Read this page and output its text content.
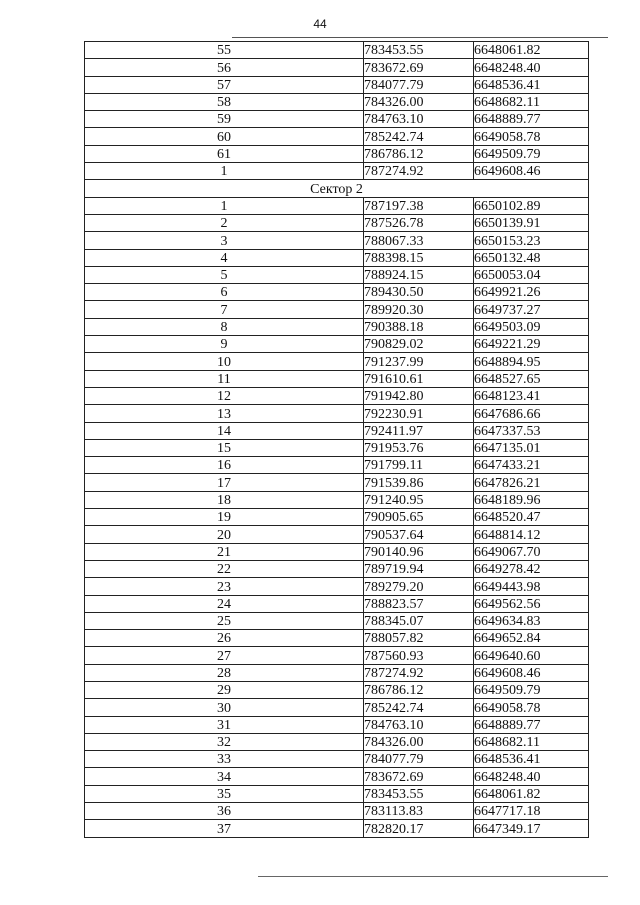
44
55	783453.55	6648061.82
56	783672.69	6648248.40
57	784077.79	6648536.41
58	784326.00	6648682.11
59	784763.10	6648889.77
60	785242.74	6649058.78
61	786786.12	6649509.79
1	787274.92	6649608.46
Сектор 2		
1	787197.38	6650102.89
2	787526.78	6650139.91
3	788067.33	6650153.23
4	788398.15	6650132.48
5	788924.15	6650053.04
6	789430.50	6649921.26
7	789920.30	6649737.27
8	790388.18	6649503.09
9	790829.02	6649221.29
10	791237.99	6648894.95
11	791610.61	6648527.65
12	791942.80	6648123.41
13	792230.91	6647686.66
14	792411.97	6647337.53
15	791953.76	6647135.01
16	791799.11	6647433.21
17	791539.86	6647826.21
18	791240.95	6648189.96
19	790905.65	6648520.47
20	790537.64	6648814.12
21	790140.96	6649067.70
22	789719.94	6649278.42
23	789279.20	6649443.98
24	788823.57	6649562.56
25	788345.07	6649634.83
26	788057.82	6649652.84
27	787560.93	6649640.60
28	787274.92	6649608.46
29	786786.12	6649509.79
30	785242.74	6649058.78
31	784763.10	6648889.77
32	784326.00	6648682.11
33	784077.79	6648536.41
34	783672.69	6648248.40
35	783453.55	6648061.82
36	783113.83	6647717.18
37	782820.17	6647349.17
